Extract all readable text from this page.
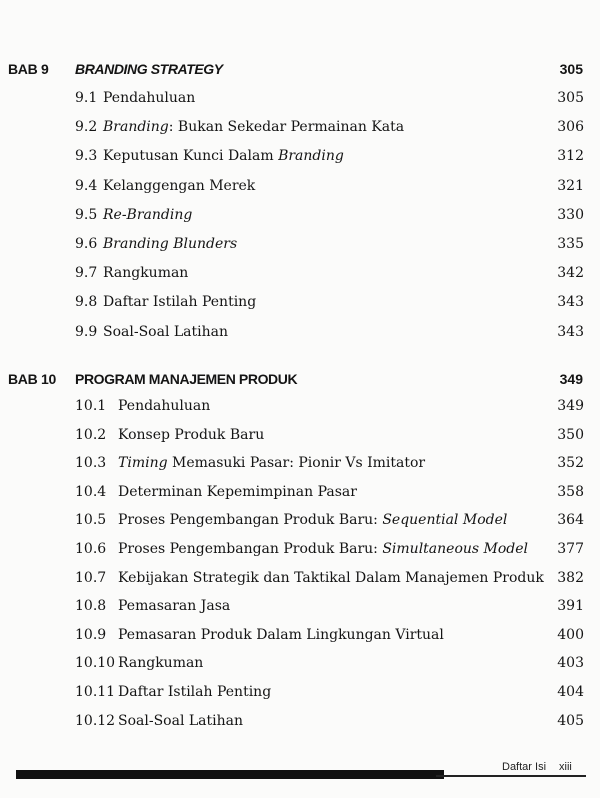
BAB 9 BRANDING STRATEGY	305
9.1 Pendahuluan	305
9.2 Branding: Bukan Sekedar Permainan Kata	306
9.3 Keputusan Kunci Dalam Branding	312
9.4 Kelanggengan Merek	321
9.5 Re-Branding	330
9.6 Branding Blunders	335
9.7 Rangkuman	342
9.8 Daftar Istilah Penting	343
9.9 Soal-Soal Latihan	343
BAB 10 PROGRAM MANAJEMEN PRODUK	349
10.1 Pendahuluan	349
10.2 Konsep Produk Baru	350
10.3 Timing Memasuki Pasar: Pionir Vs Imitator	352
10.4 Determinan Kepemimpinan Pasar	358
10.5 Proses Pengembangan Produk Baru: Sequential Model	364
10.6 Proses Pengembangan Produk Baru: Simultaneous Model 377
10.7 Kebijakan Strategik dan Taktikal Dalam Manajemen Produk 382
10.8 Pemasaran Jasa	391
10.9 Pemasaran Produk Dalam Lingkungan Virtual	400
10.10 Rangkuman	403
10.11 Daftar Istilah Penting	404
10.12 Soal-Soal Latihan	405
Daftar Isi xiii
